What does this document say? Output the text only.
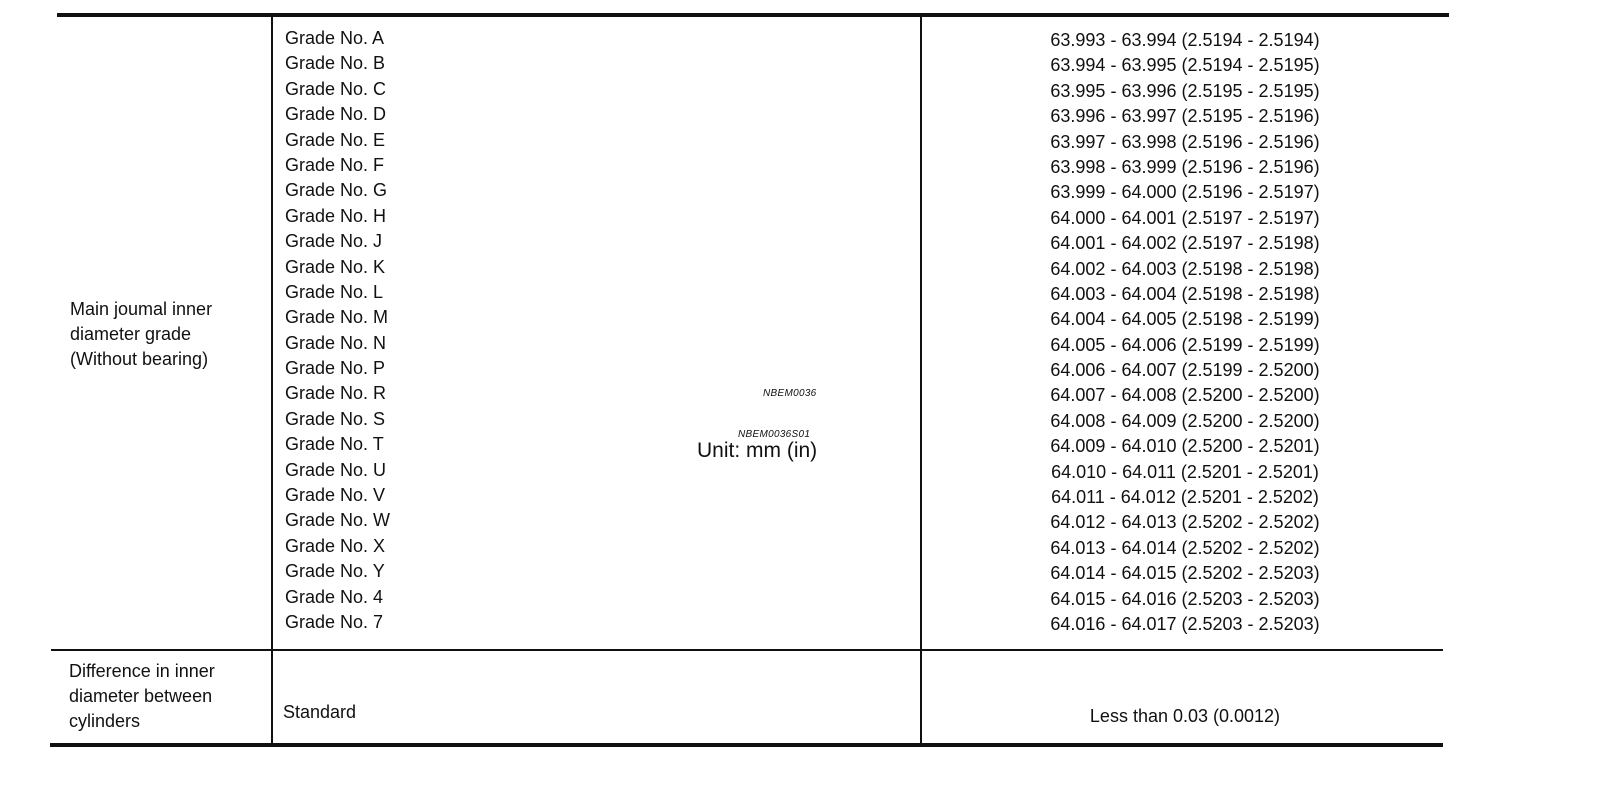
Main joumal inner
diameter grade
(Without bearing)
Grade No. A
Grade No. B
Grade No. C
Grade No. D
Grade No. E
Grade No. F
Grade No. G
Grade No. H
Grade No. J
Grade No. K
Grade No. L
Grade No. M
Grade No. N
Grade No. P
Grade No. R
Grade No. S
Grade No. T
Grade No. U
Grade No. V
Grade No. W
Grade No. X
Grade No. Y
Grade No. 4
Grade No. 7
63.993 - 63.994 (2.5194 - 2.5194)
63.994 - 63.995 (2.5194 - 2.5195)
63.995 - 63.996 (2.5195 - 2.5195)
63.996 - 63.997 (2.5195 - 2.5196)
63.997 - 63.998 (2.5196 - 2.5196)
63.998 - 63.999 (2.5196 - 2.5196)
63.999 - 64.000 (2.5196 - 2.5197)
64.000 - 64.001 (2.5197 - 2.5197)
64.001 - 64.002 (2.5197 - 2.5198)
64.002 - 64.003 (2.5198 - 2.5198)
64.003 - 64.004 (2.5198 - 2.5198)
64.004 - 64.005 (2.5198 - 2.5199)
64.005 - 64.006 (2.5199 - 2.5199)
64.006 - 64.007 (2.5199 - 2.5200)
64.007 - 64.008 (2.5200 - 2.5200)
64.008 - 64.009 (2.5200 - 2.5200)
64.009 - 64.010 (2.5200 - 2.5201)
64.010 - 64.011 (2.5201 - 2.5201)
64.011 - 64.012 (2.5201 - 2.5202)
64.012 - 64.013 (2.5202 - 2.5202)
64.013 - 64.014 (2.5202 - 2.5202)
64.014 - 64.015 (2.5202 - 2.5203)
64.015 - 64.016 (2.5203 - 2.5203)
64.016 - 64.017 (2.5203 - 2.5203)
NBEM0036
NBEM0036S01
Unit: mm (in)
Difference in inner
diameter between
cylinders	Standard	Less than 0.03 (0.0012)
